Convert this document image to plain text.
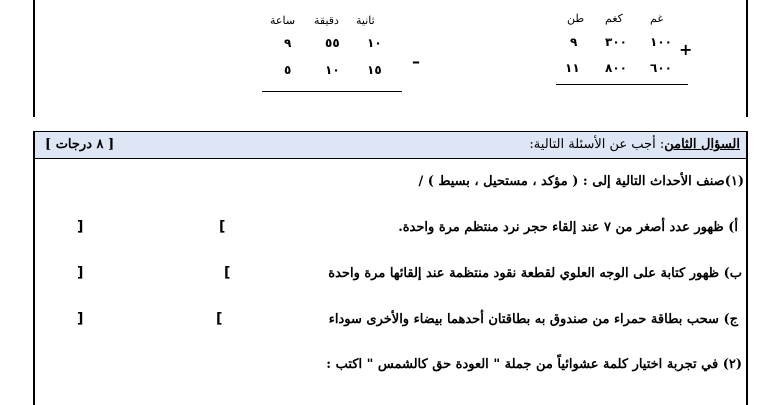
ثانية
دقيقة
ساعة
١٠
٥٥
٩
١٥
١٠
٥	–
غم
كغم
طن
١٠٠
٣٠٠
٩
٦٠٠
٨٠٠
١١
+
السؤال الثامن: أجب عن الأسئلة التالية:
[ ٨ درجات ]
(١)صنف الأحداث التالية إلى : ( مؤكد ، مستحيل ، بسيط ) /
أ) ظهور عدد أصغر من ٧ عند إلقاء حجر نرد منتظم مرة واحدة.
[
]
ب) ظهور كتابة على الوجه العلوي لقطعة نقود منتظمة عند إلقائها مرة واحدة
[
]
ج) سحب بطاقة حمراء من صندوق به بطاقتان أحدهما بيضاء والأخرى سوداء
[
]
(٢) في تجربة اختيار كلمة عشوائياً من جملة " العودة حق كالشمس " اكتب :
